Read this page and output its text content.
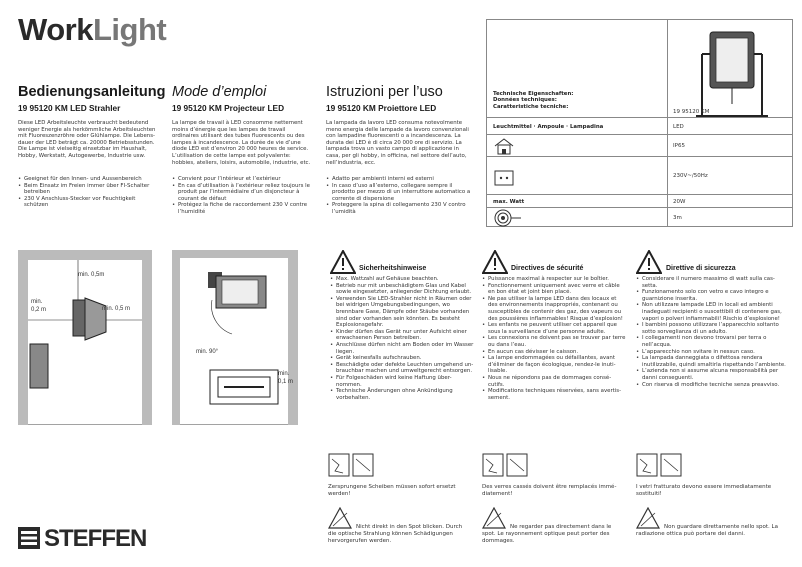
WorkLight
Bedienungsanleitung
19 95120 KM LED Strahler
Diese LED Arbeitsleuchte verbraucht bedeutend weniger Energie als herkömmliche Arbeitsleuchten mit Fluoreszenzröhre oder Glühlampe. Die Lebens-dauer der LED beträgt ca. 20000 Betriebsstunden. Die Lampe ist vielseitig einsetzbar im Haushalt, Hobby, Werkstatt, Autogewerbe, Industrie usw.
• Geeignet für den Innen- und Aussenbereich
• Beim Einsatz im Freien immer über FI-Schalter betreiben
• 230 V Anschluss-Stecker vor Feuchtigkeit schützen
Mode d’emploi
19 95120 KM Projecteur LED
La lampe de travail à LED consomme nettement moins d’énergie que les lampes de travail ordinaires utilisant des tubes fluorescents ou des lampes à incandescence. La durée de vie d’une diode LED est d’environ 20 000 heures de service. L’utilisation de cette lampe est polyvalente: hobbies, ateliers, loisirs, automobile, industrie, etc.
• Convient pour l’intérieur et l’extérieur
• En cas d’utilisation à l’extérieur reliez toujours le produit par l’intermédiaire d’un disjoncteur à courant de défaut
• Protégez la fiche de raccordement 230 V contre l’humidité
Istruzioni per l’uso
19 95120 KM Proiettore LED
La lampada da lavoro LED consuma notevolmente meno energia delle lampade da lavoro convenzionali con lampadine fluorescenti o a incandescenza. La durata dei LED è di circa 20 000 ore di servizio. La lampada trova un vasto campo di applicazione in casa, per gli hobby, in officina, nel settore dell’auto, nell’industria, ecc.
• Adatto per ambienti interni ed esterni
• In caso d’uso all’esterno, collegare sempre il prodotto per mezzo di un interruttore automatico a corrente di dispersione
• Proteggere la spina di collegamento 230 V contro l’umidità
Technische Eigenschaften:
Données techniques:
Caratteristiche tecniche:
19 95120 KM
Leuchtmittel · Ampoule · Lampadina	LED
IP65
230V~/50Hz
max. Watt	20W
3m
min. 0,5m
min.
0,2 m	min. 0,5 m
min. 90°
min.
0,1 m
Sicherheitshinweise
• Max. Wattzahl auf Gehäuse beachten.
• Betrieb nur mit unbeschädigtem Glas und Kabel sowie eingesetzter, anliegender Dichtung erlaubt.
• Verwenden Sie LED-Strahler nicht in Räumen oder bei widrigen Umgebungsbedingungen, wo brennbare Gase, Dämpfe oder Stäube vorhanden sind oder vorhanden sein könnten. Es besteht Explosionsgefahr.
• Kinder dürfen das Gerät nur unter Aufsicht einer erwachsenen Person betreiben.
• Anschlüsse dürfen nicht am Boden oder im Wasser liegen.
• Gerät keinesfalls aufschrauben.
• Beschädigte oder defekte Leuchten umgehend un-brauchbar machen und umweltgerecht entsorgen.
• Für Folgeschäden wird keine Haftung über-nommen.
• Technische Änderungen ohne Ankündigung vorbehalten.
Directives de sécurité
• Puissance maximal à respecter sur le boîtier.
• Fonctionnement uniquement avec verre et câble en bon état et joint bien placé.
• Ne pas utiliser la lampe LED dans des locaux et des environnements inappropriés, contenant ou susceptibles de contenir des gaz, des vapeurs ou des poussières inflammables! Risque d’explosion!
• Les enfants ne peuvent utiliser cet appareil que sous la surveillance d’une personne adulte.
• Les connexions ne doivent pas se trouver par terre ou dans l’eau.
• En aucun cas dévisser le caisson.
• La lampe endommagées ou défaillantes, avant d’éliminer de façon écologique, rendez-le inuti-lisable.
• Nous ne répondons pas de dommages consé-cutifs.
• Modifications techniques réservées, sans avertis-sement.
Direttive di sicurezza
• Considerare il numero massimo di watt sulla cas-setta.
• Funzionamento solo con vetro e cavo integro e guarnizione inserita.
• Non utilizzare lampade LED in locali ed ambienti inadeguati recipienti o suscettibili di contenere gas, vapori o polveri infiammabili! Rischio d’esplosione!
• I bambini possono utilizzare l’apparecchio soltanto sotto sorveglianza di un adulto.
• I collegamenti non devono trovarsi per terra o nell’acqua.
• L’apparecchio non svitare in nessun caso.
• La lampada danneggiata o difettosa rendera inutilizzabile, quindi smaltirla rispettando l’ambiente.
• L’azienda non si assume alcuna responsabilità per danni conseguenti.
• Con riserva di modifiche tecniche senza preavviso.
Zersprungene Scheiben müssen sofort ersetzt werden!
Des verres cassés doivent être remplacés immé-diatement!
I vetri fratturato devono essere immediatamente sostituiti!
Nicht direkt in den Spot blicken. Durch die optische Strahlung können Schädigungen hervorgerufen werden.
Ne regarder pas directement dans le spot. Le rayonnement optique peut porter des dommages.
Non guardare direttamente nello spot. La radiazione ottica può portare dei danni.
STEFFEN
